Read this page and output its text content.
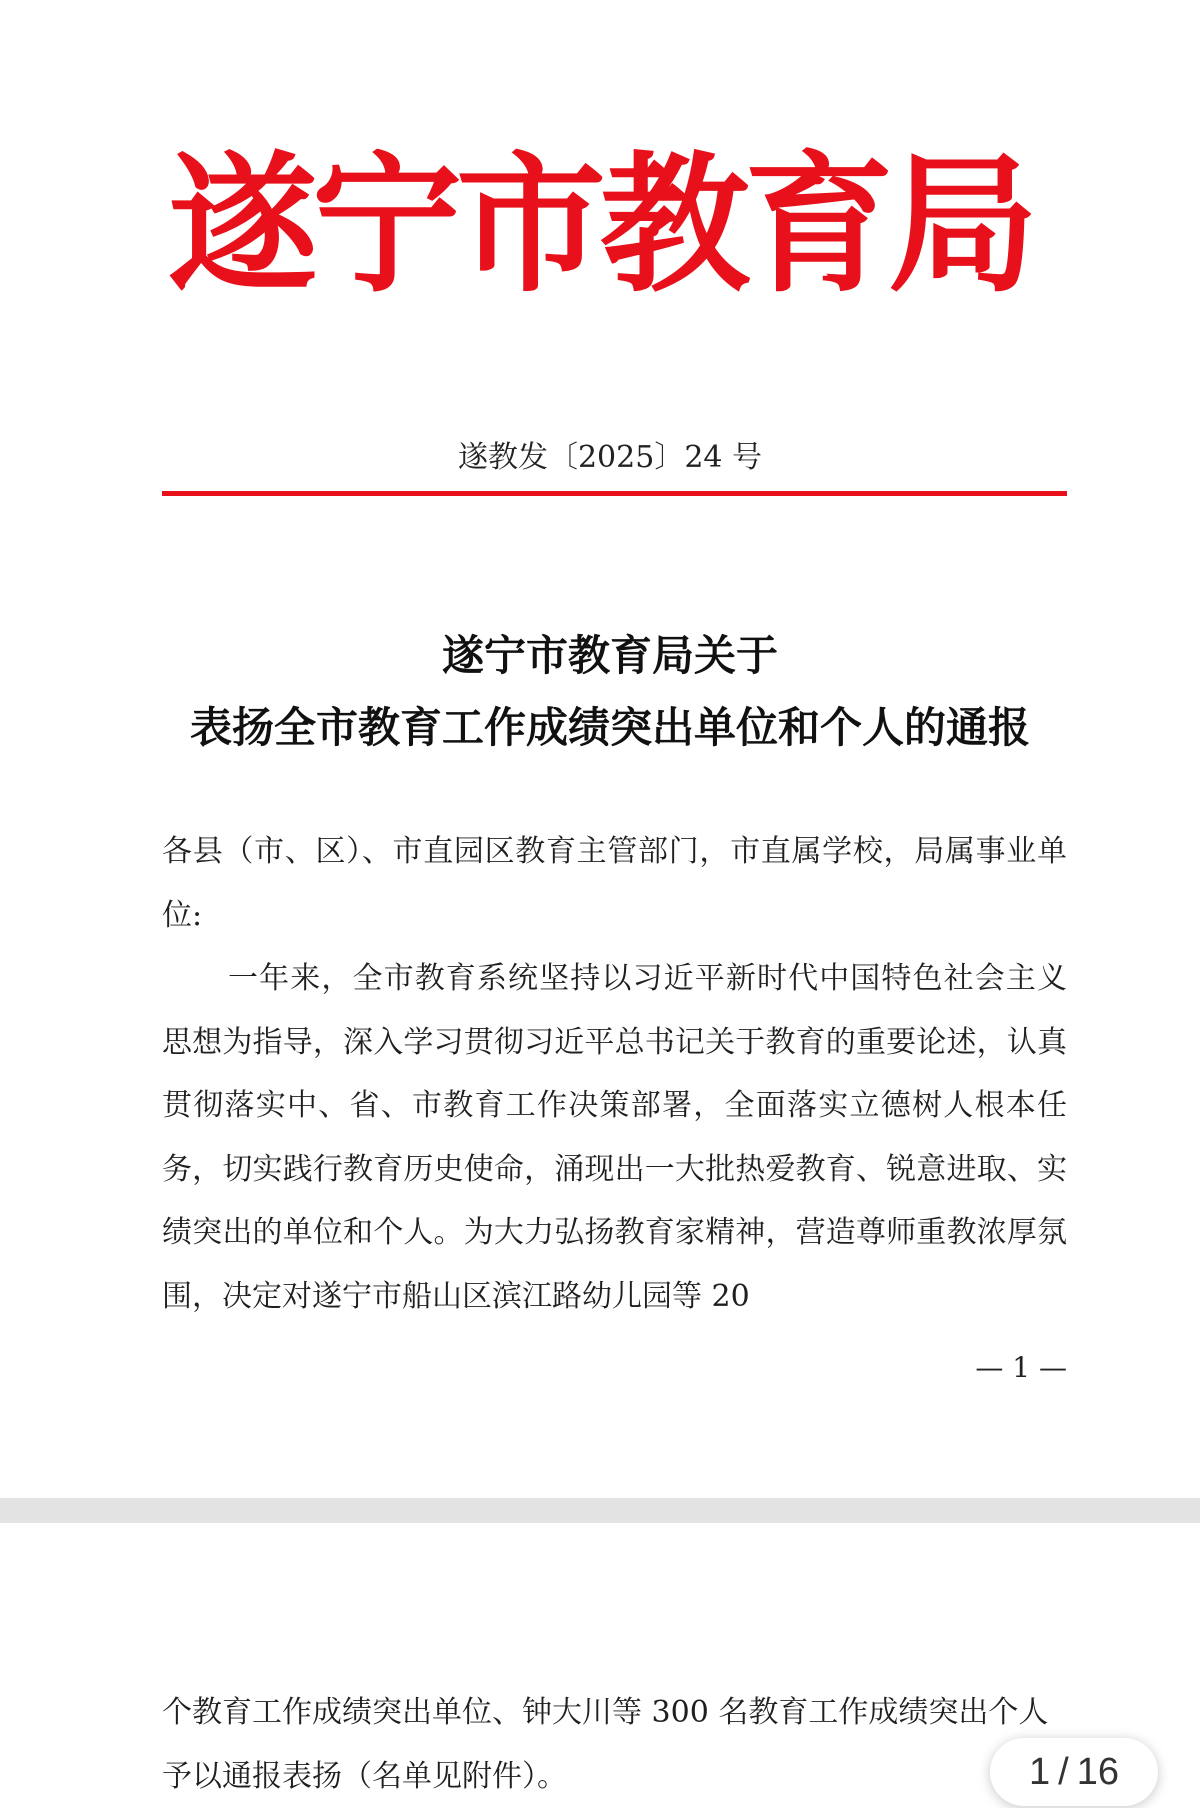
遂宁市教育局
遂教发〔2025〕24 号
遂宁市教育局关于
表扬全市教育工作成绩突出单位和个人的通报

各县（市、区）、市直园区教育主管部门，市直属学校，局属事业单位:

一年来，全市教育系统坚持以习近平新时代中国特色社会主义思想为指导，深入学习贯彻习近平总书记关于教育的重要论述，认真贯彻落实中、省、市教育工作决策部署，全面落实立德树人根本任务，切实践行教育历史使命，涌现出一大批热爱教育、锐意进取、实绩突出的单位和个人。为大力弘扬教育家精神，营造尊师重教浓厚氛围，决定对遂宁市船山区滨江路幼儿园等 20

— 1 —

个教育工作成绩突出单位、钟大川等 300 名教育工作成绩突出个人予以通报表扬（名单见附件）。	1 / 16
